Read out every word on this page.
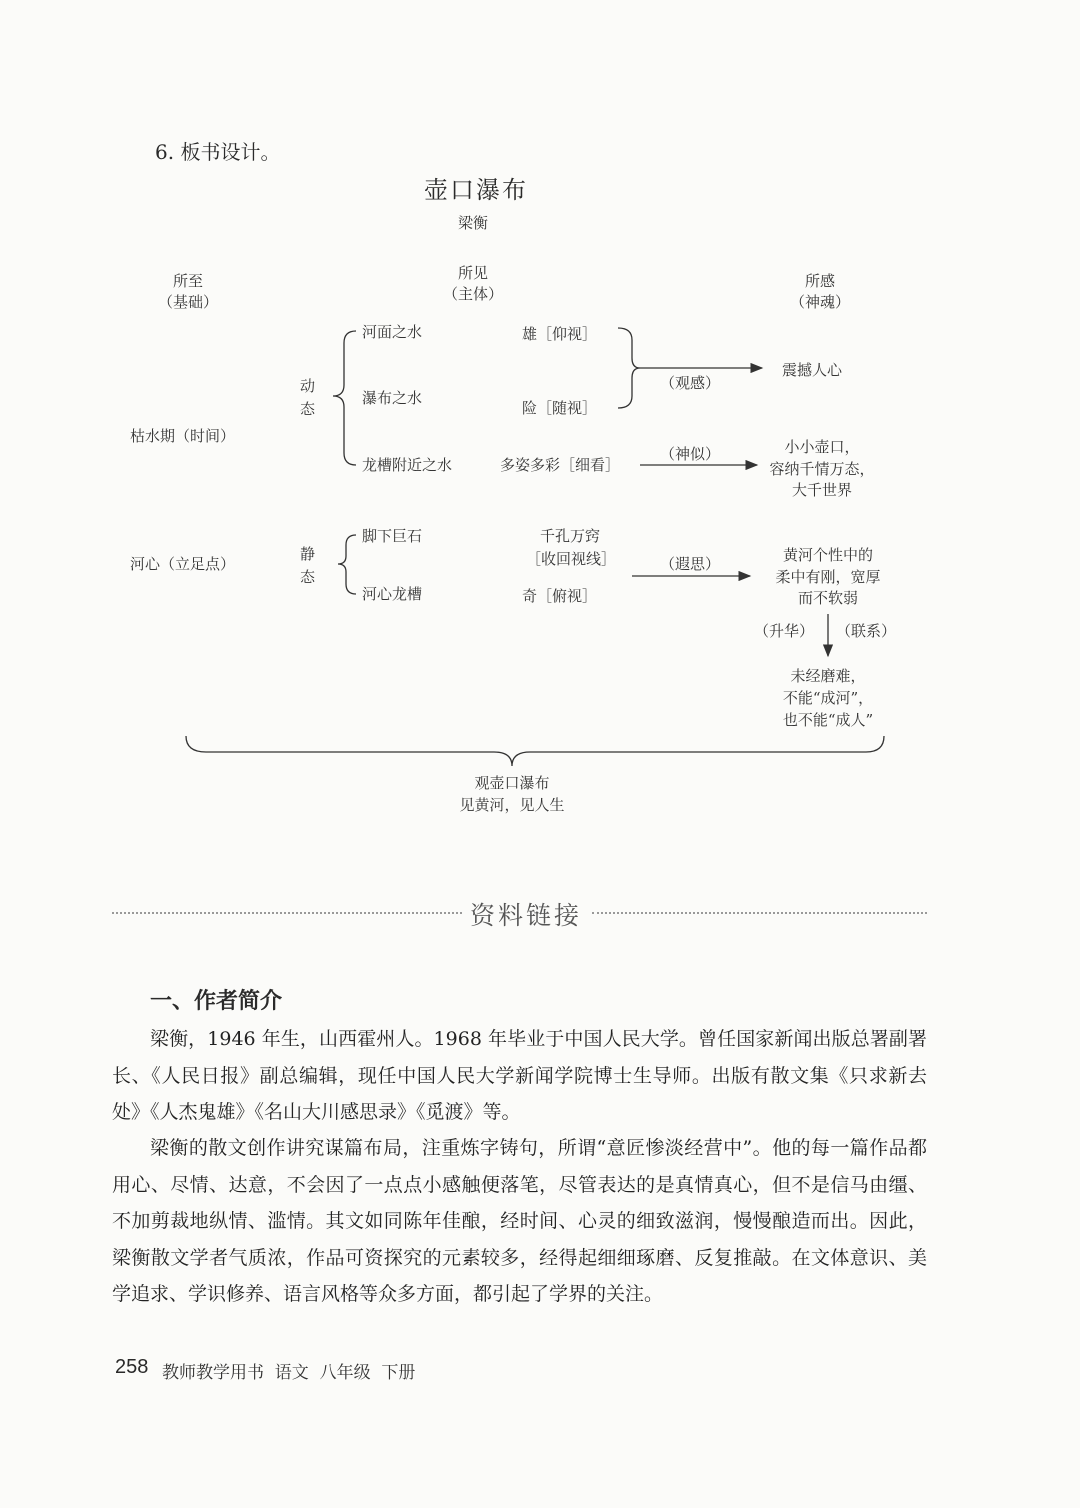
6. 板书设计。
壶口瀑布
梁衡
所至
（基础）
所见
（主体）
所感
（神魂）
枯水期（时间）
河心（立足点）
动
态
静
态
河面之水
瀑布之水
龙槽附近之水
雄［仰视］
险［随视］
多姿多彩［细看］
脚下巨石
河心龙槽
千孔万窍
［收回视线］
奇［俯视］
（观感）
（神似）
（遐思）
（升华） （联系）
震撼人心
小小壶口，
容纳千情万态，
大千世界
黄河个性中的
柔中有刚，宽厚
而不软弱
未经磨难，
不能“成河”，
也不能“成人”
观壶口瀑布
见黄河，见人生
资料链接
一、作者简介

梁衡，1946 年生，山西霍州人。1968 年毕业于中国人民大学。曾任国家新闻出版总署副署长、《人民日报》副总编辑，现任中国人民大学新闻学院博士生导师。出版有散文集《只求新去处》《人杰鬼雄》《名山大川感思录》《觅渡》等。

梁衡的散文创作讲究谋篇布局，注重炼字铸句，所谓“意匠惨淡经营中”。他的每一篇作品都用心、尽情、达意，不会因了一点点小感触便落笔，尽管表达的是真情真心，但不是信马由缰、不加剪裁地纵情、滥情。其文如同陈年佳酿，经时间、心灵的细致滋润，慢慢酿造而出。因此，梁衡散文学者气质浓，作品可资探究的元素较多，经得起细细琢磨、反复推敲。在文体意识、美学追求、学识修养、语言风格等众多方面，都引起了学界的关注。

258 教师教学用书  语文  八年级  下册
